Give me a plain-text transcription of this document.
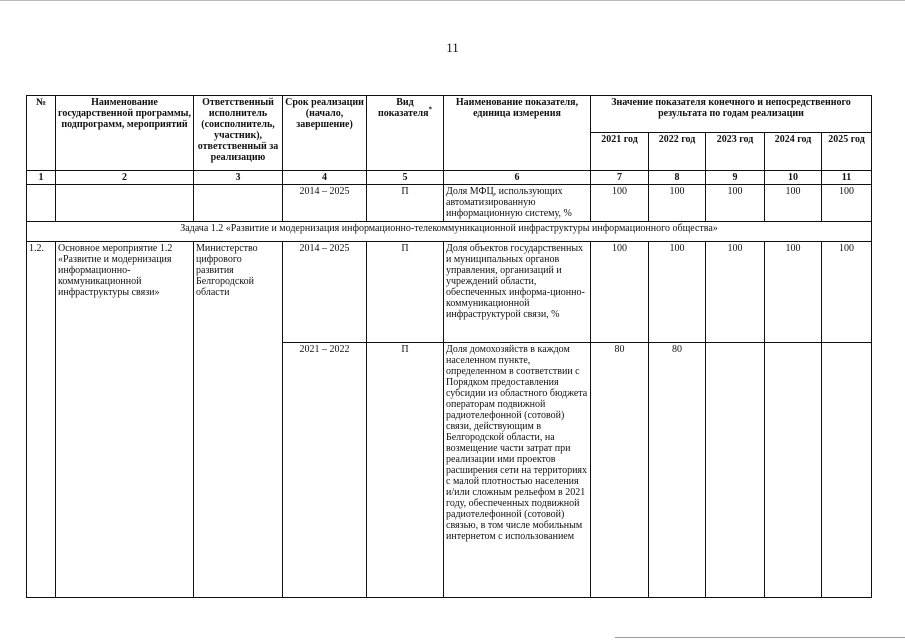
11
№	Наименование государственной программы, подпрограмм, мероприятий	Ответственный исполнитель (соисполнитель, участник), ответственный за реализацию	Срок реализации (начало, завершение)	Вид показателя*	Наименование показателя, единица измерения	Значение показателя конечного и непосредственного результата по годам реализации				
						2021 год	2022 год	2023 год	2024 год	2025 год
1	2	3	4	5	6	7	8	9	10	11
			2014 – 2025	П	Доля МФЦ, использующих автоматизированную информационную систему, %	100	100	100	100	100
Задача 1.2 «Развитие и модернизация информационно-телекоммуникационной инфраструктуры информационного общества»										
1.2.	Основное мероприятие 1.2 «Развитие и модернизация информационно-коммуникационной инфраструктуры связи»	Министерство цифрового развития Белгородской области	2014 – 2025	П	Доля объектов государственных и муниципальных органов управления, организаций и учреждений области, обеспеченных информа-ционно-коммуникационной инфраструктурой связи, %	100	100	100	100	100
			2021 – 2022	П	Доля домохозяйств в каждом населенном пункте, определенном в соответствии с Порядком предоставления субсидии из областного бюджета операторам подвижной радиотелефонной (сотовой) связи, действующим в Белгородской области, на возмещение части затрат при реализации ими проектов расширения сети на территориях с малой плотностью населения и/или сложным рельефом в 2021 году, обеспеченных подвижной радиотелефонной (сотовой) связью, в том числе мобильным интернетом с использованием	80	80			
